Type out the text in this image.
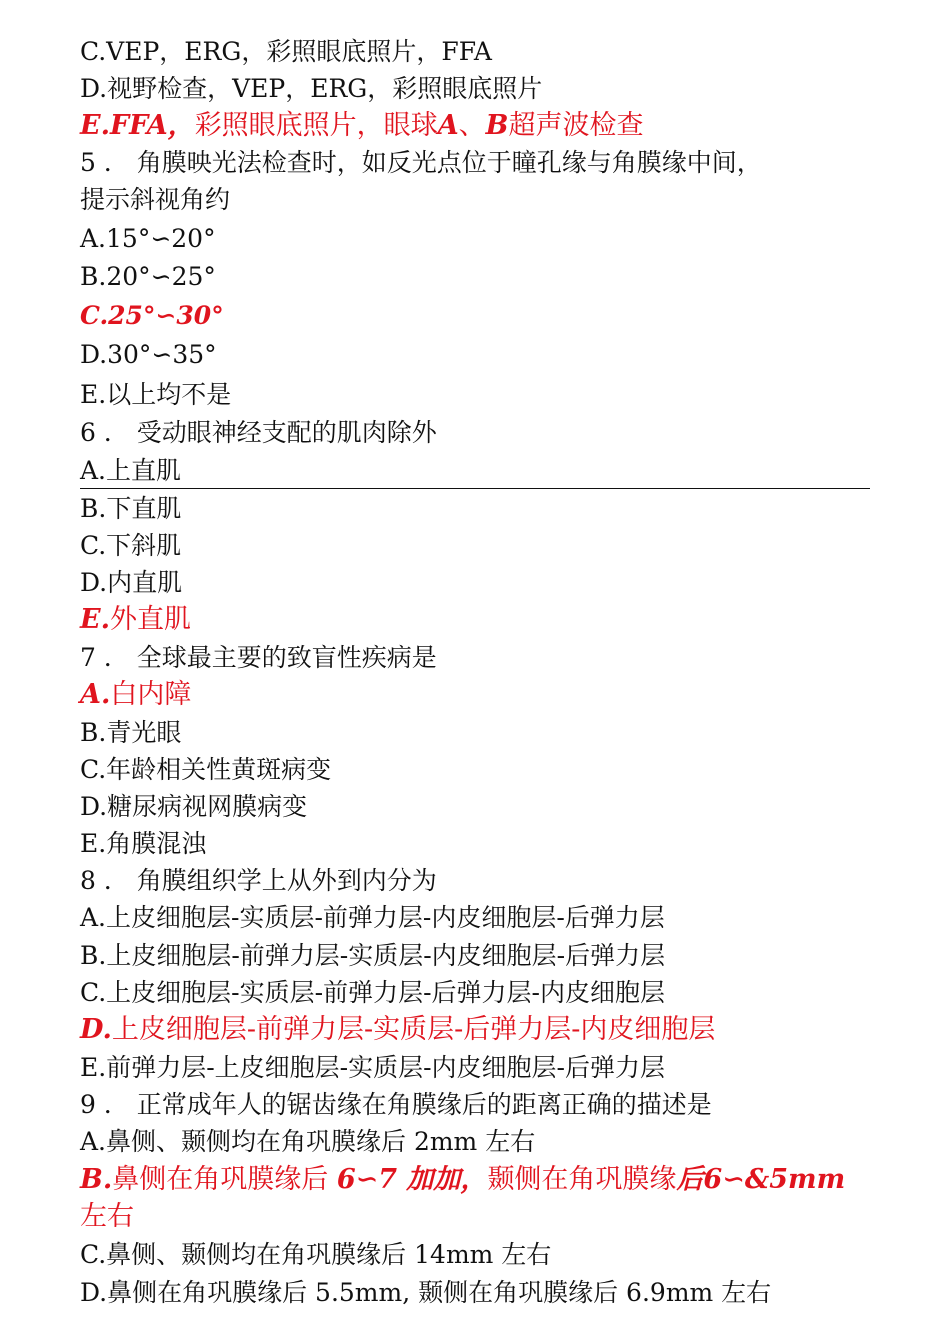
C.VEP，ERG，彩照眼底照片，FFA
D.视野检查，VEP，ERG，彩照眼底照片
E.FFA，彩照眼底照片，眼球A、B超声波检查
5 ． 角膜映光法检查时，如反光点位于瞳孔缘与角膜缘中间，
提示斜视角约
A.15°∽20°
B.20°∽25°
C.25°∽30°
D.30°∽35°
E.以上均不是
6 ． 受动眼神经支配的肌肉除外
A.上直肌
B.下直肌
C.下斜肌
D.内直肌
E.外直肌
7 ． 全球最主要的致盲性疾病是
A.白内障
B.青光眼
C.年龄相关性黄斑病变
D.糖尿病视网膜病变
E.角膜混浊
8 ． 角膜组织学上从外到内分为
A.上皮细胞层-实质层-前弹力层-内皮细胞层-后弹力层
B.上皮细胞层-前弹力层-实质层-内皮细胞层-后弹力层
C.上皮细胞层-实质层-前弹力层-后弹力层-内皮细胞层
D.上皮细胞层-前弹力层-实质层-后弹力层-内皮细胞层
E.前弹力层-上皮细胞层-实质层-内皮细胞层-后弹力层
9 ． 正常成年人的锯齿缘在角膜缘后的距离正确的描述是
A.鼻侧、颞侧均在角巩膜缘后 2mm 左右
B.鼻侧在角巩膜缘后 6∽7 加加，颞侧在角巩膜缘后6∽&5mm
左右
C.鼻侧、颞侧均在角巩膜缘后 14mm 左右
D.鼻侧在角巩膜缘后 5.5mm, 颞侧在角巩膜缘后 6.9mm 左右
